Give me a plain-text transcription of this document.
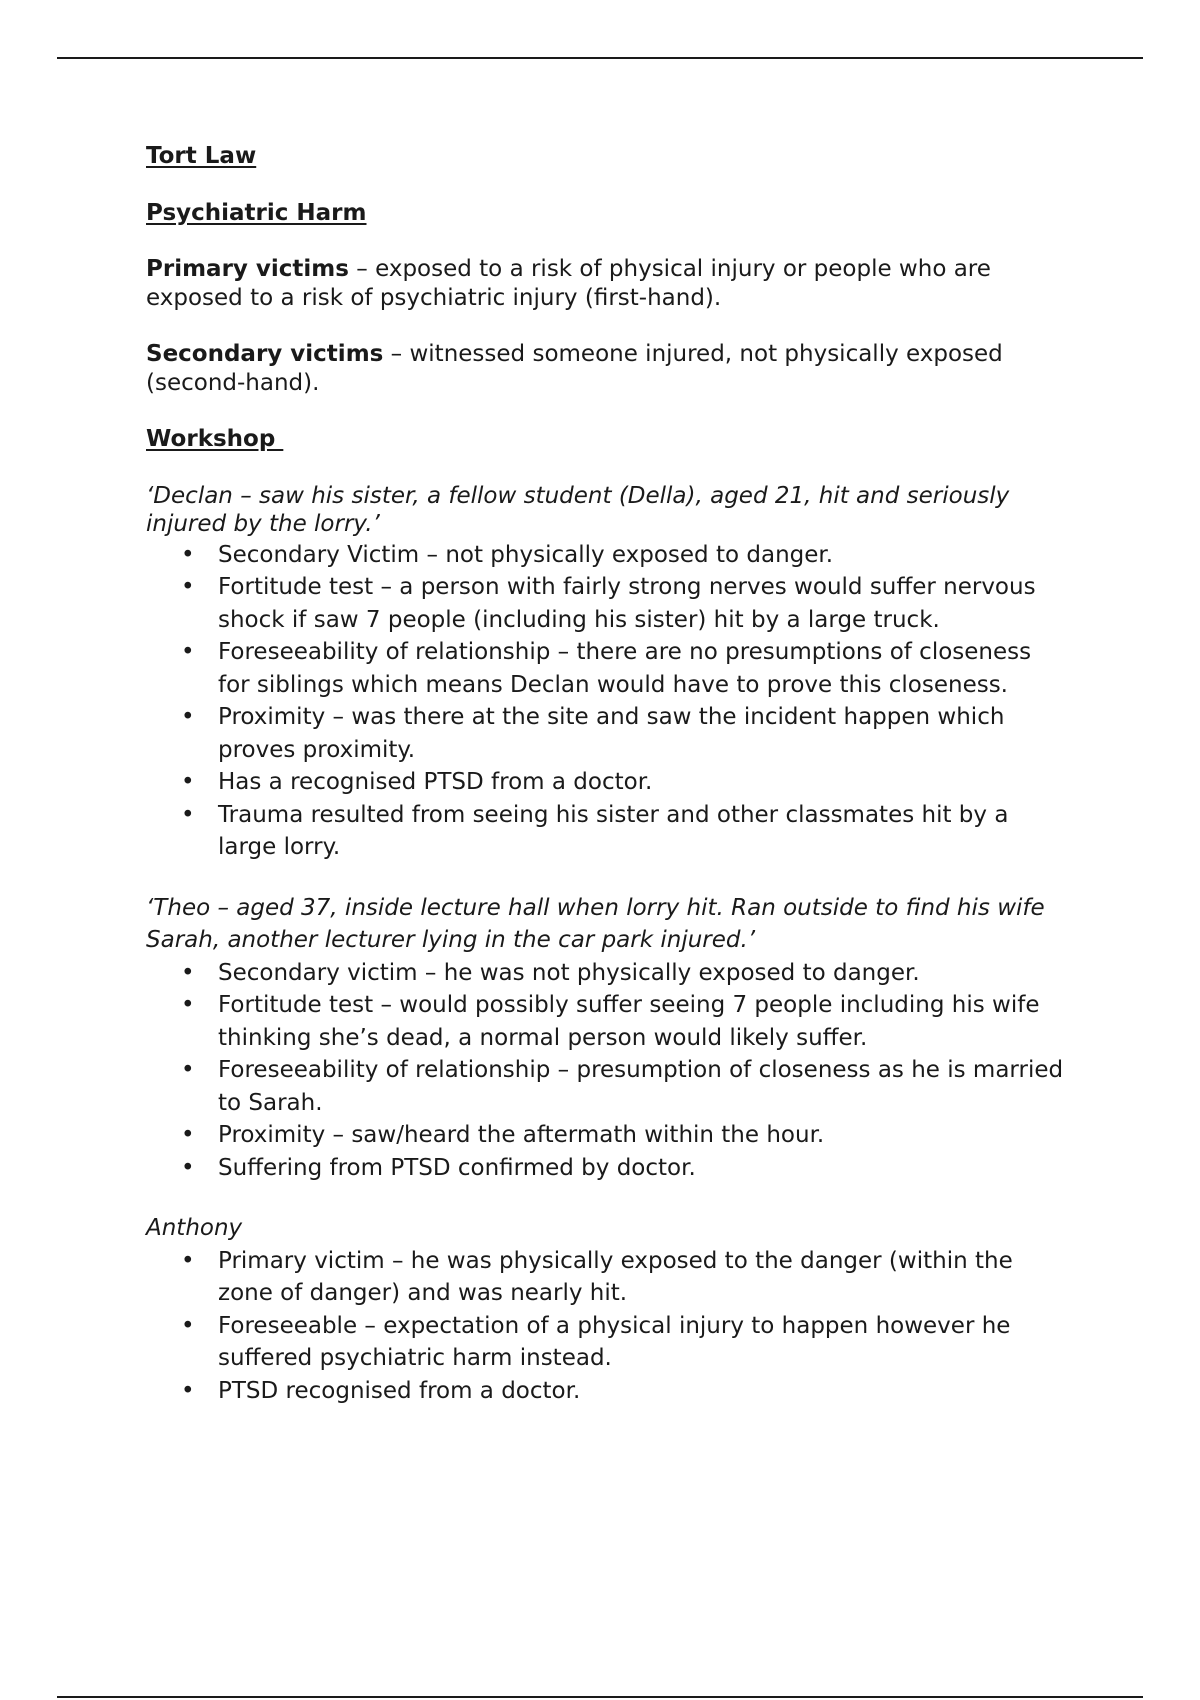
Tort Law

Psychiatric Harm

Primary victims – exposed to a risk of physical injury or people who are exposed to a risk of psychiatric injury (first-hand).

Secondary victims – witnessed someone injured, not physically exposed (second-hand).

Workshop

‘Declan – saw his sister, a fellow student (Della), aged 21, hit and seriously injured by the lorry.’

• Secondary Victim – not physically exposed to danger.
• Fortitude test – a person with fairly strong nerves would suffer nervous shock if saw 7 people (including his sister) hit by a large truck.
• Foreseeability of relationship – there are no presumptions of closeness for siblings which means Declan would have to prove this closeness.
• Proximity – was there at the site and saw the incident happen which proves proximity.
• Has a recognised PTSD from a doctor.
• Trauma resulted from seeing his sister and other classmates hit by a large lorry.

‘Theo – aged 37, inside lecture hall when lorry hit. Ran outside to find his wife Sarah, another lecturer lying in the car park injured.’

• Secondary victim – he was not physically exposed to danger.
• Fortitude test – would possibly suffer seeing 7 people including his wife thinking she’s dead, a normal person would likely suffer.
• Foreseeability of relationship – presumption of closeness as he is married to Sarah.
• Proximity – saw/heard the aftermath within the hour.
• Suffering from PTSD confirmed by doctor.

Anthony

• Primary victim – he was physically exposed to the danger (within the zone of danger) and was nearly hit.
• Foreseeable – expectation of a physical injury to happen however he suffered psychiatric harm instead.
• PTSD recognised from a doctor.
